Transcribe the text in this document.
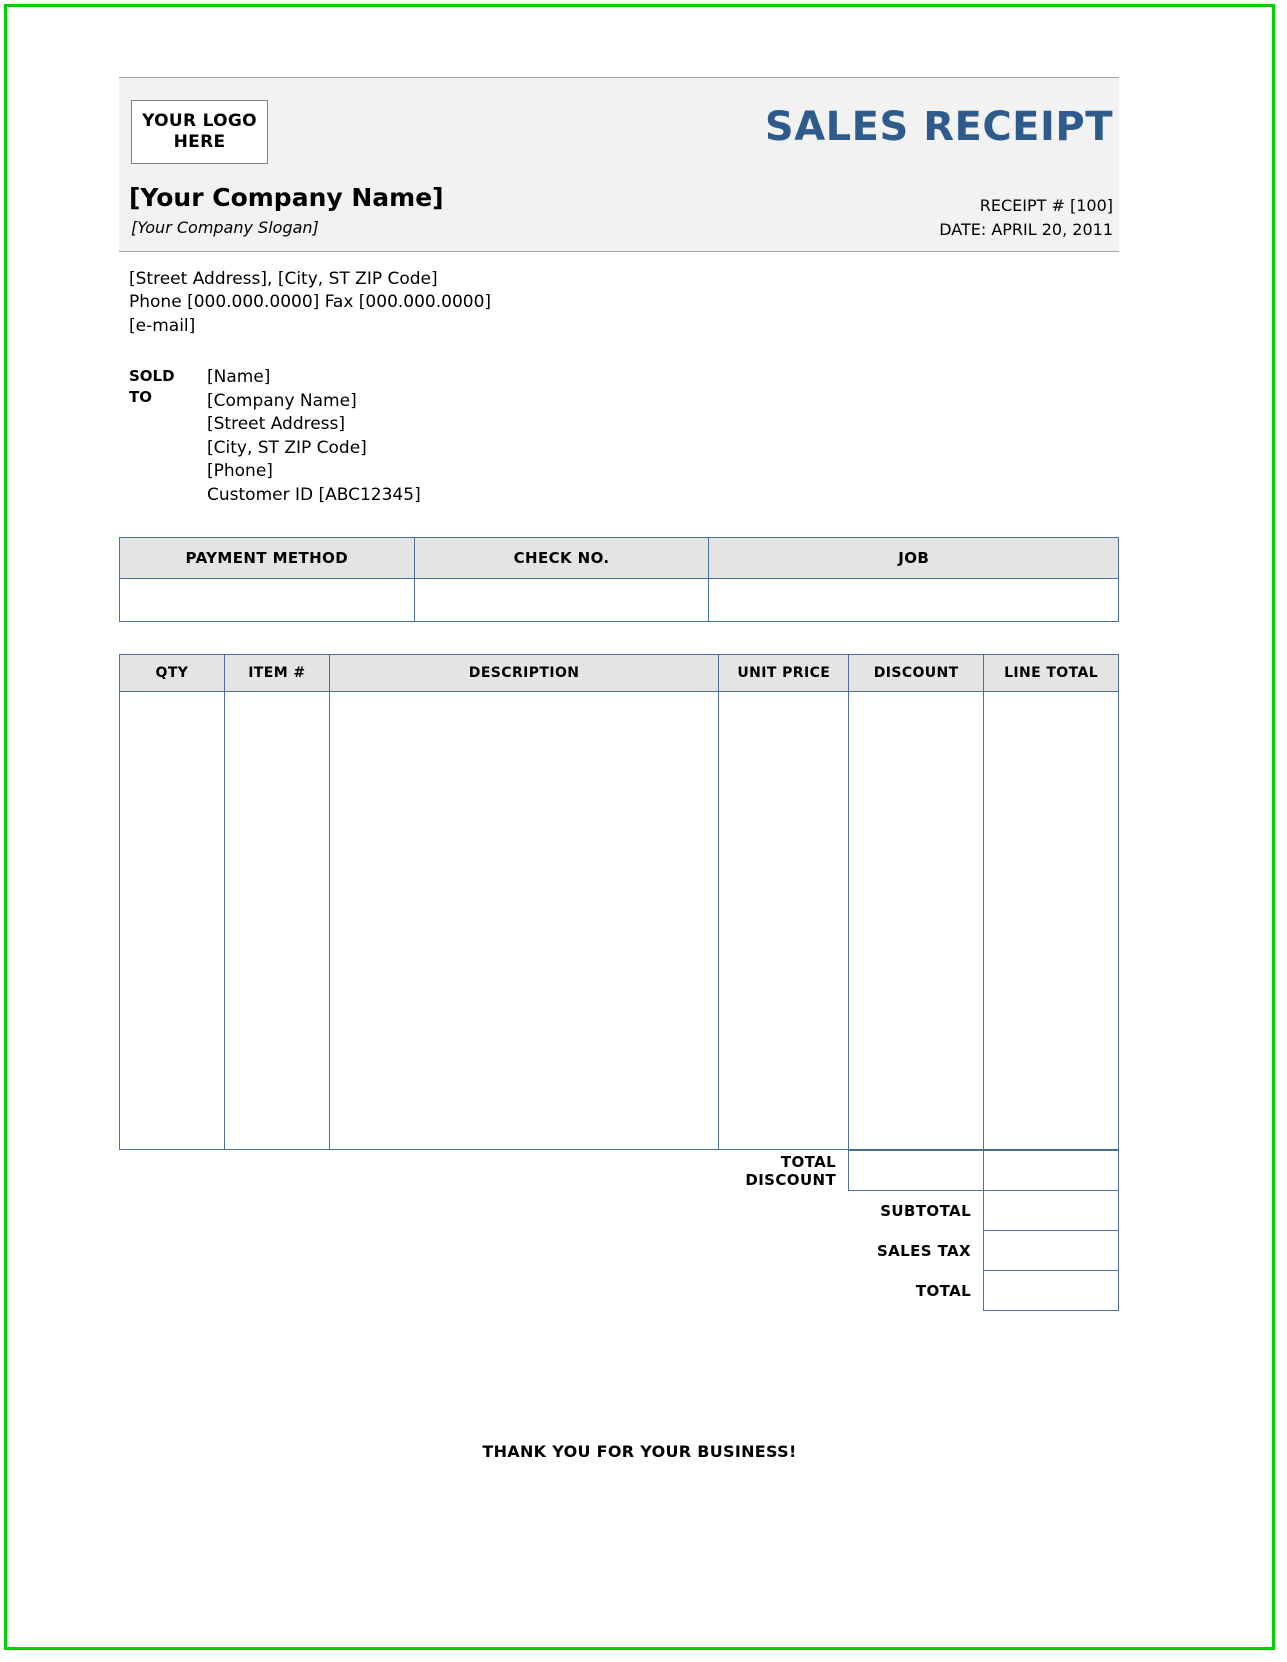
YOUR LOGO
HERE	SALES RECEIPT
[Your Company Name]
[Your Company Slogan]
RECEIPT # [100]
DATE: APRIL 20, 2011
[Street Address], [City, ST ZIP Code]
Phone [000.000.0000] Fax [000.000.0000]
[e-mail]
SOLD
TO
[Name]
[Company Name]
[Street Address]
[City, ST ZIP Code]
[Phone]
Customer ID [ABC12345]
PAYMENT METHOD	CHECK NO.	JOB

QTY	ITEM #	DESCRIPTION	UNIT PRICE	DISCOUNT	LINE TOTAL

			TOTAL DISCOUNT		
				SUBTOTAL	
				SALES TAX	
				TOTAL	
THANK YOU FOR YOUR BUSINESS!
